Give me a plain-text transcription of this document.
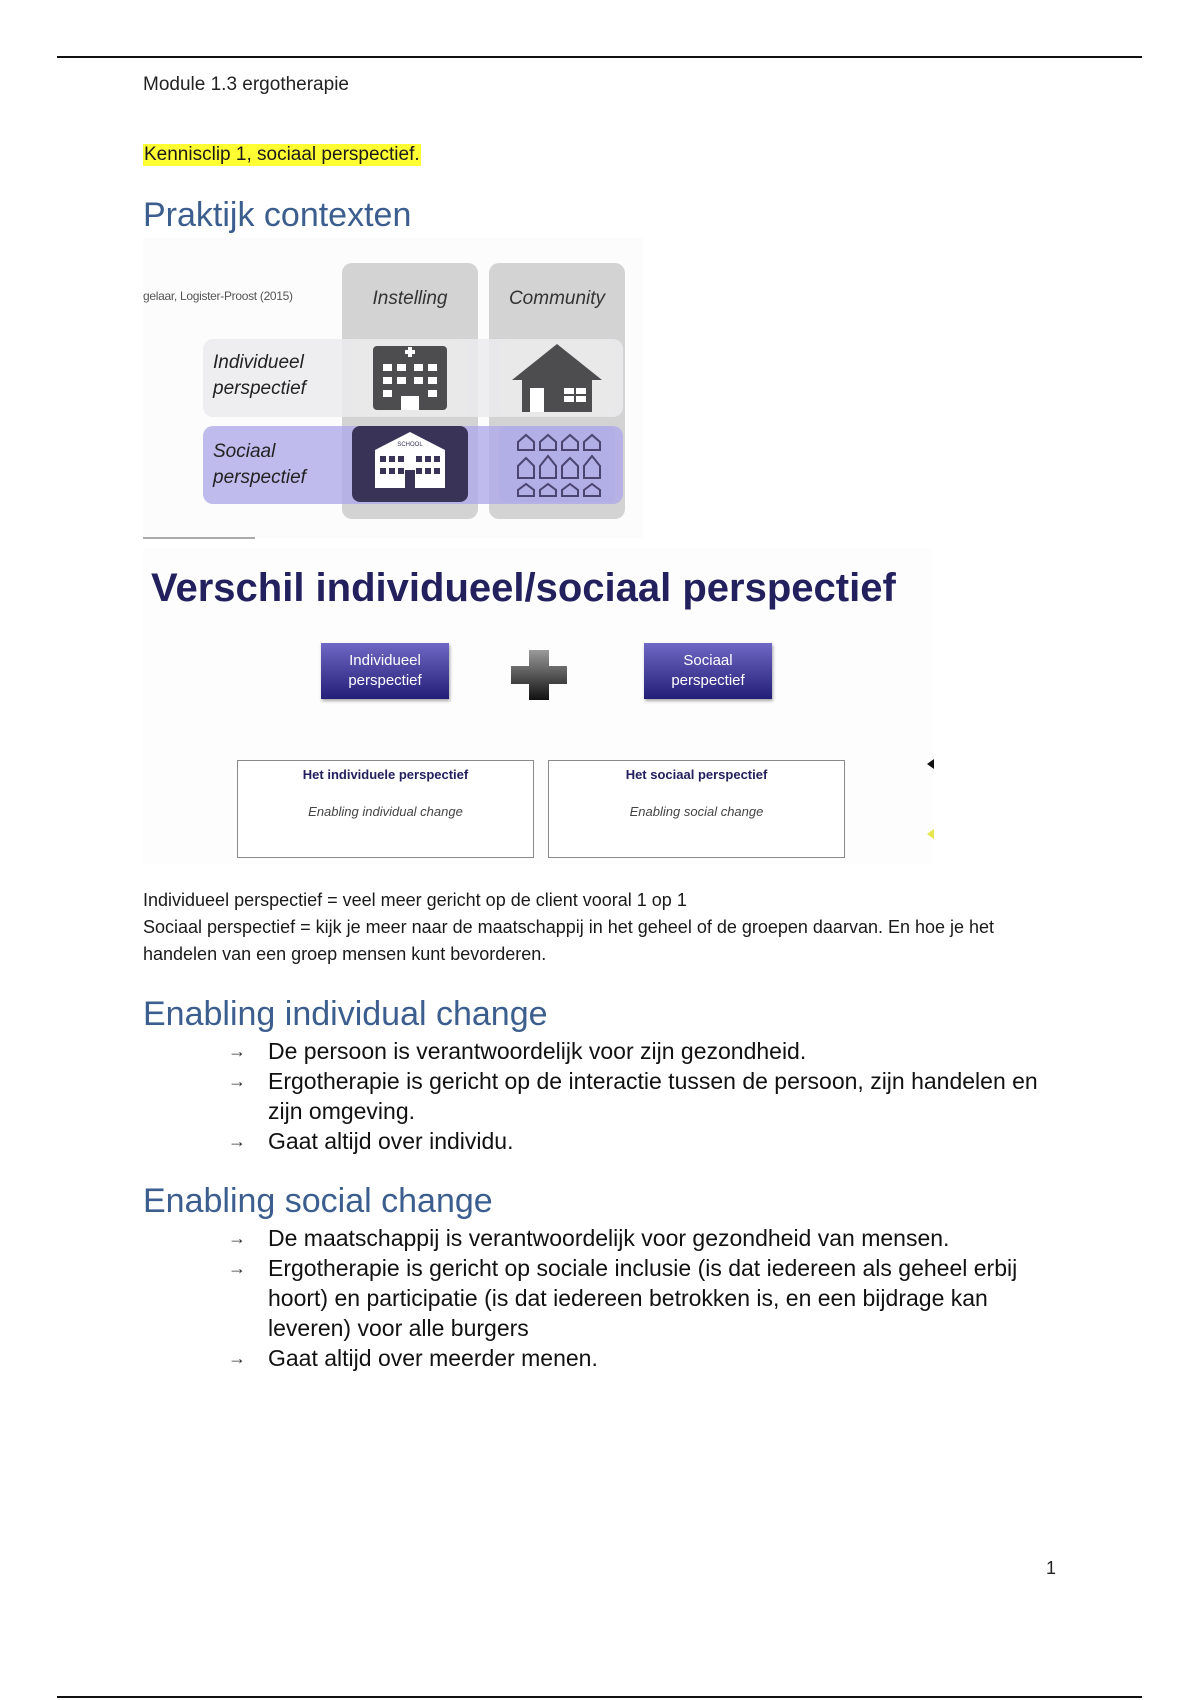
Module 1.3 ergotherapie
Kennisclip 1, sociaal perspectief.
Praktijk contexten
gelaar, Logister-Proost (2015)	Instelling	Community
Individueel
perspectief
Sociaal
perspectief
SCHOOL
Verschil individueel/sociaal perspectief
Individueel
perspectief
Sociaal
perspectief
Het individuele perspectief
Enabling individual change
Het sociaal perspectief
Enabling social change

Individueel perspectief = veel meer gericht op de client vooral 1 op 1

Sociaal perspectief = kijk je meer naar de maatschappij in het geheel of de groepen daarvan. En hoe je het handelen van een groep mensen kunt bevorderen.

Enabling individual change
→ De persoon is verantwoordelijk voor zijn gezondheid.
→ Ergotherapie is gericht op de interactie tussen de persoon, zijn handelen en zijn omgeving.
→ Gaat altijd over individu.
Enabling social change
→ De maatschappij is verantwoordelijk voor gezondheid van mensen.
→ Ergotherapie is gericht op sociale inclusie (is dat iedereen als geheel erbij hoort) en participatie (is dat iedereen betrokken is, en een bijdrage kan leveren) voor alle burgers
→ Gaat altijd over meerder menen.
1
